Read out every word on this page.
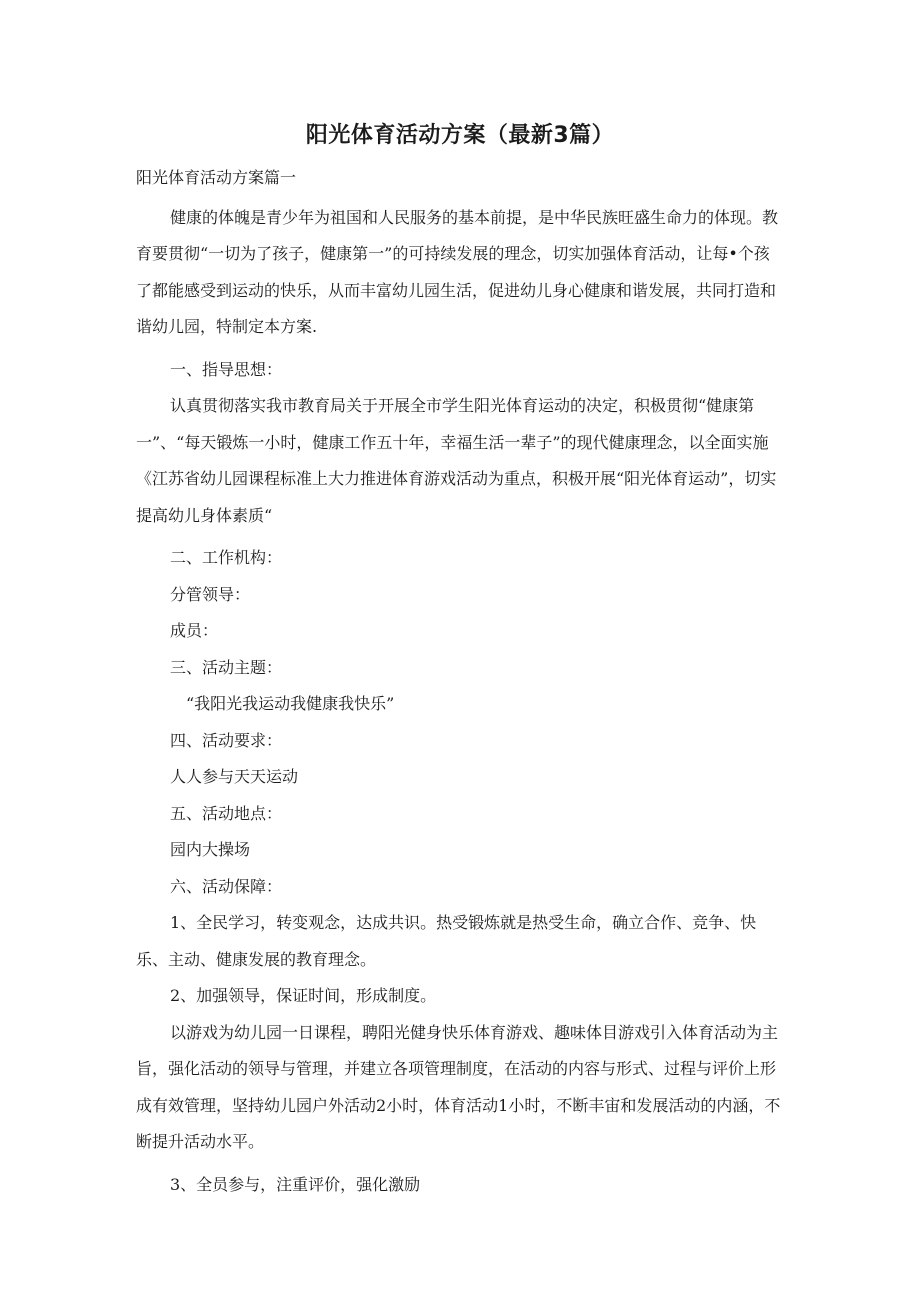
阳光体育活动方案（最新3篇）

阳光体育活动方案篇一

健康的体魄是青少年为祖国和人民服务的基本前提，是中华民族旺盛生命力的体现。教育要贯彻“一切为了孩子，健康第一”的可持续发展的理念，切实加强体育活动，让每•个孩了都能感受到运动的快乐，从而丰富幼儿园生活，促进幼儿身心健康和谐发展，共同打造和谐幼儿园，特制定本方案.

一、指导思想：

认真贯彻落实我市教育局关于开展全市学生阳光体育运动的决定，积极贯彻“健康第一”、“每天锻炼一小时，健康工作五十年，幸福生活一辈子”的现代健康理念，以全面实施《江苏省幼儿园课程标准上大力推进体育游戏活动为重点，积极开展“阳光体育运动”，切实提高幼儿身体素质“

二、工作机构：

分管领导：

成员：

三、活动主题：

“我阳光我运动我健康我快乐”

四、活动要求：

人人参与天天运动

五、活动地点：

园内大操场

六、活动保障：

1、全民学习，转变观念，达成共识。热受锻炼就是热受生命，确立合作、竞争、快乐、主动、健康发展的教育理念。

2、加强领导，保证时间，形成制度。

以游戏为幼儿园一日课程，聘阳光健身快乐体育游戏、趣味体目游戏引入体育活动为主旨，强化活动的领导与管理，并建立各项管理制度，在活动的内容与形式、过程与评价上形成有效管理，坚持幼儿园户外活动2小时，体育活动1小时，不断丰宙和发展活动的内涵，不断提升活动水平。

3、全员参与，注重评价，强化激励
